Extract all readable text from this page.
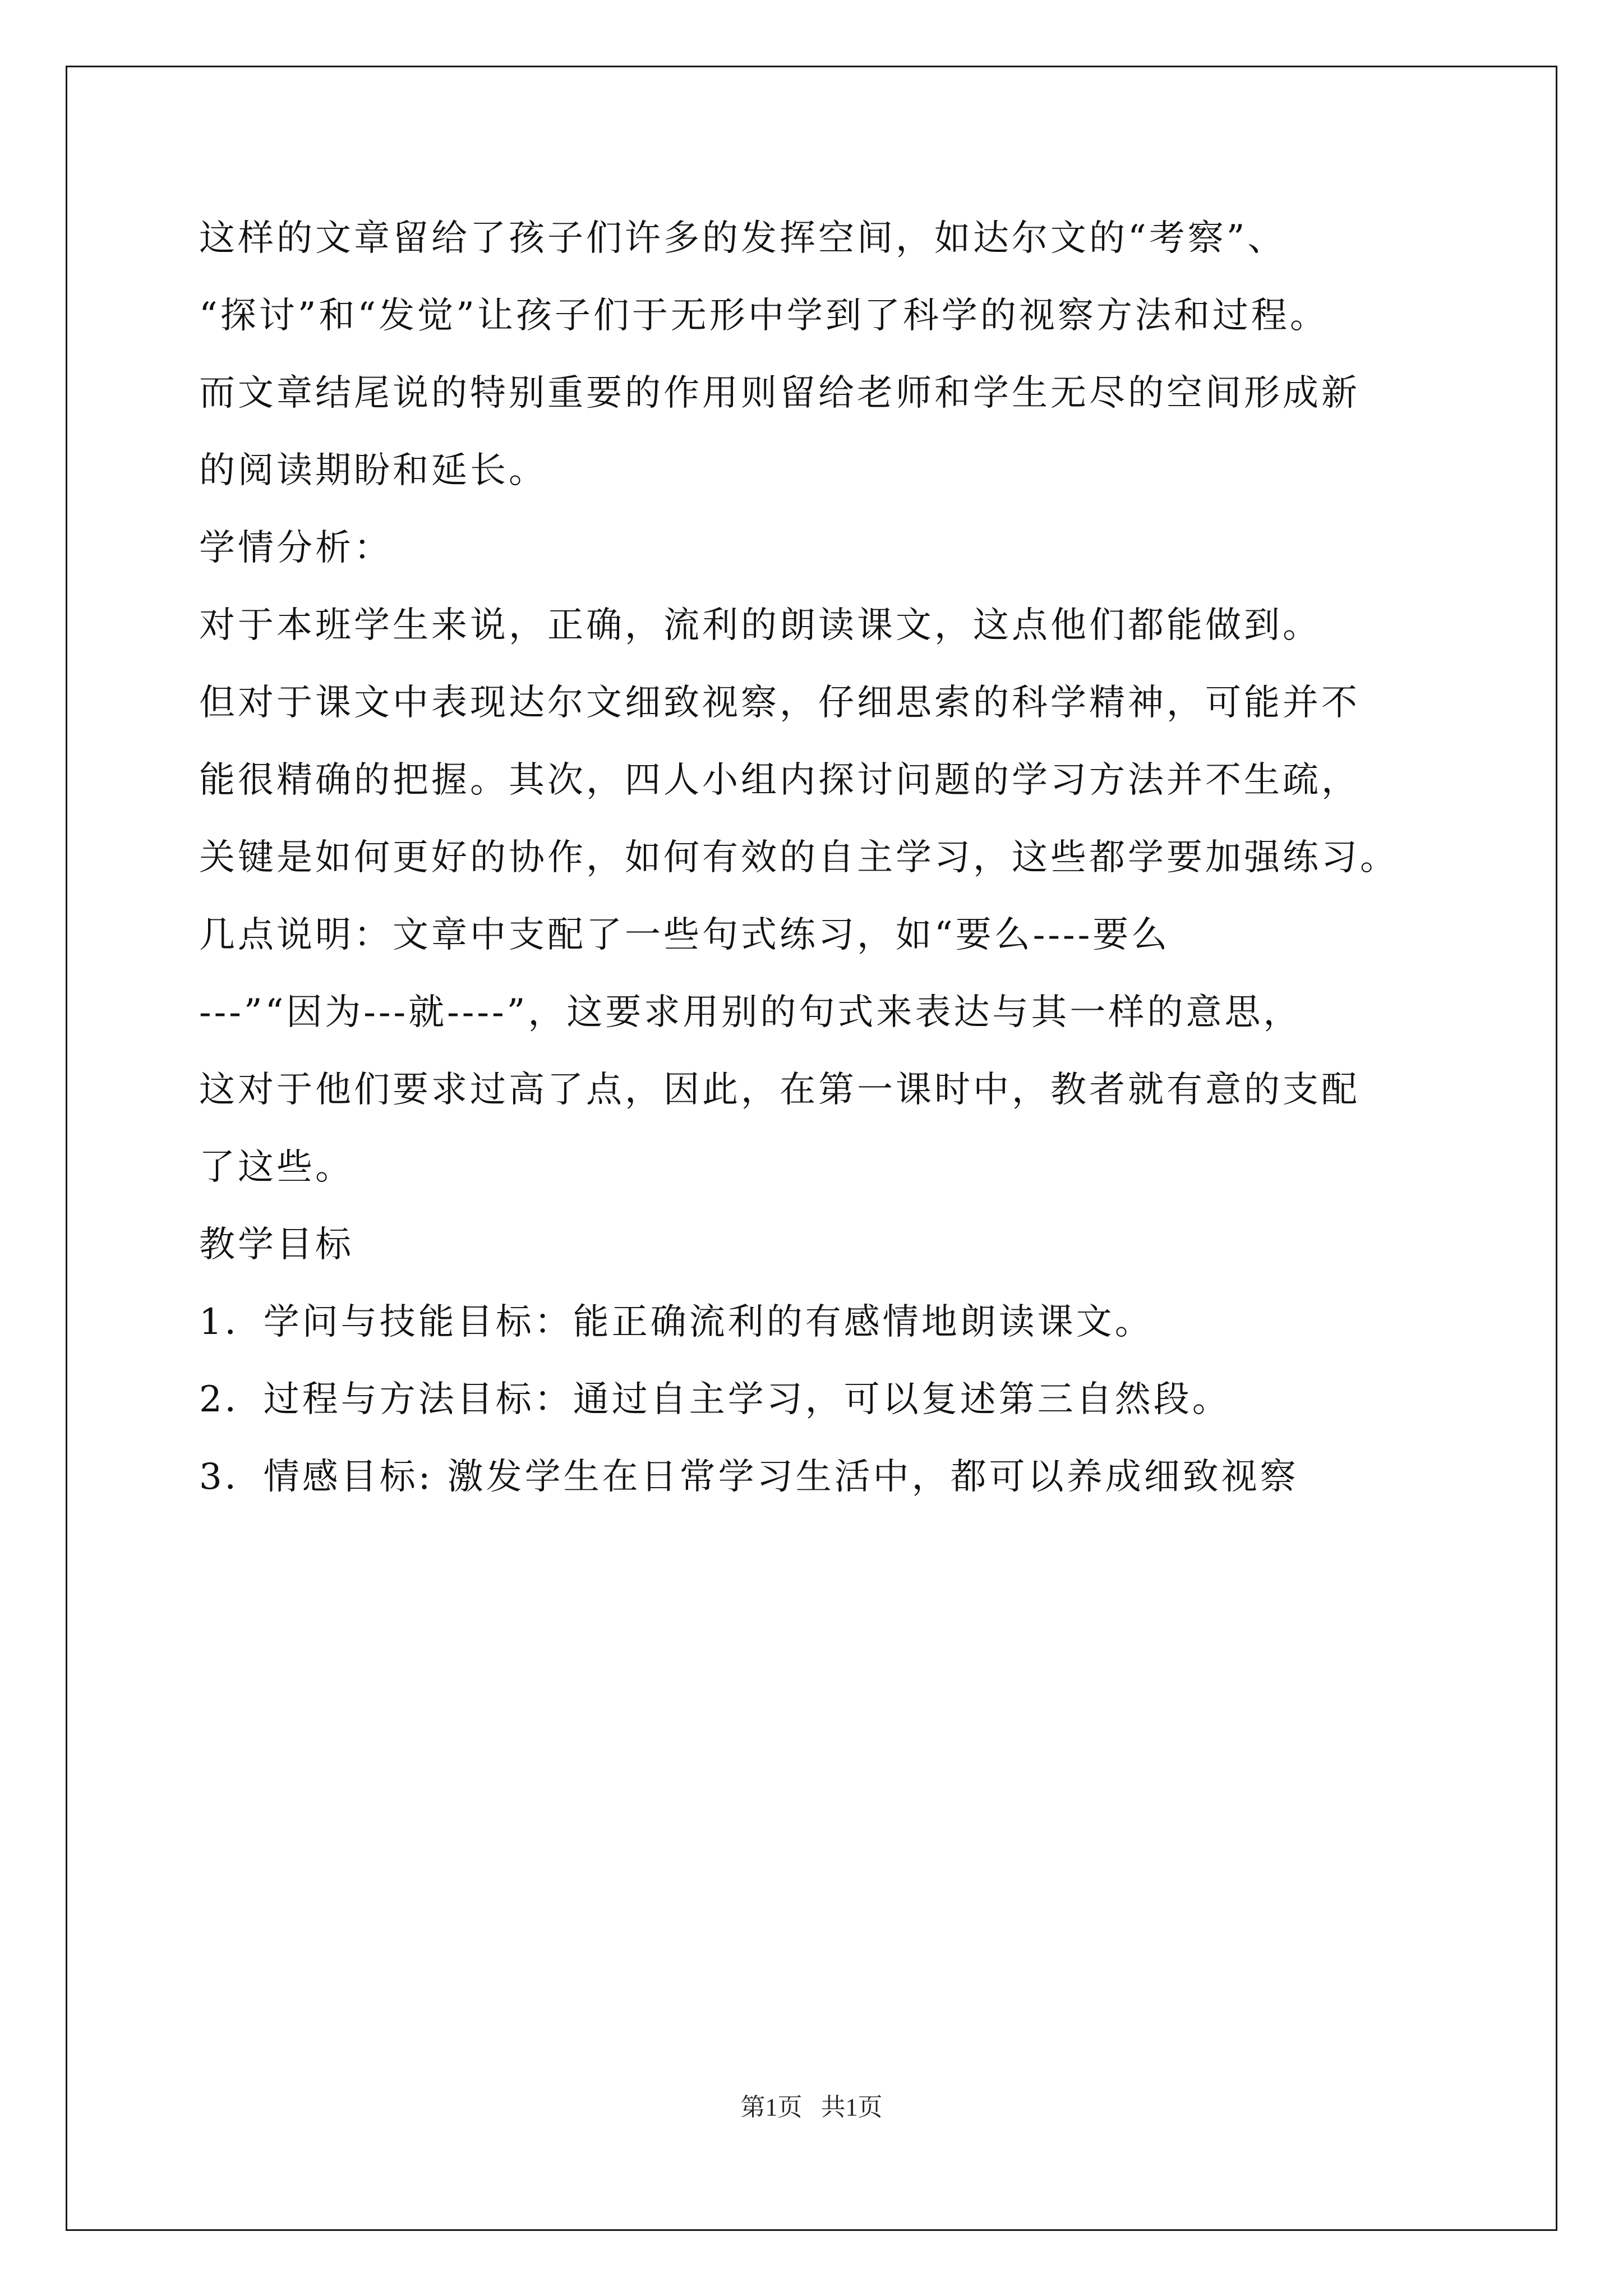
这样的文章留给了孩子们许多的发挥空间，如达尔文的“考察”、
“探讨”和“发觉”让孩子们于无形中学到了科学的视察方法和过程。
而文章结尾说的特别重要的作用则留给老师和学生无尽的空间形成新
的阅读期盼和延长。
学情分析：
对于本班学生来说，正确，流利的朗读课文，这点他们都能做到。
但对于课文中表现达尔文细致视察，仔细思索的科学精神，可能并不
能很精确的把握。其次，四人小组内探讨问题的学习方法并不生疏，
关键是如何更好的协作，如何有效的自主学习，这些都学要加强练习。
几点说明：文章中支配了一些句式练习，如“要么----要么
---”“因为---就----”，这要求用别的句式来表达与其一样的意思，
这对于他们要求过高了点，因此，在第一课时中，教者就有意的支配
了这些。
教学目标
1．学问与技能目标：能正确流利的有感情地朗读课文。
2．过程与方法目标：通过自主学习，可以复述第三自然段。
3．情感目标: 激发学生在日常学习生活中，都可以养成细致视察
第1页   共1页
